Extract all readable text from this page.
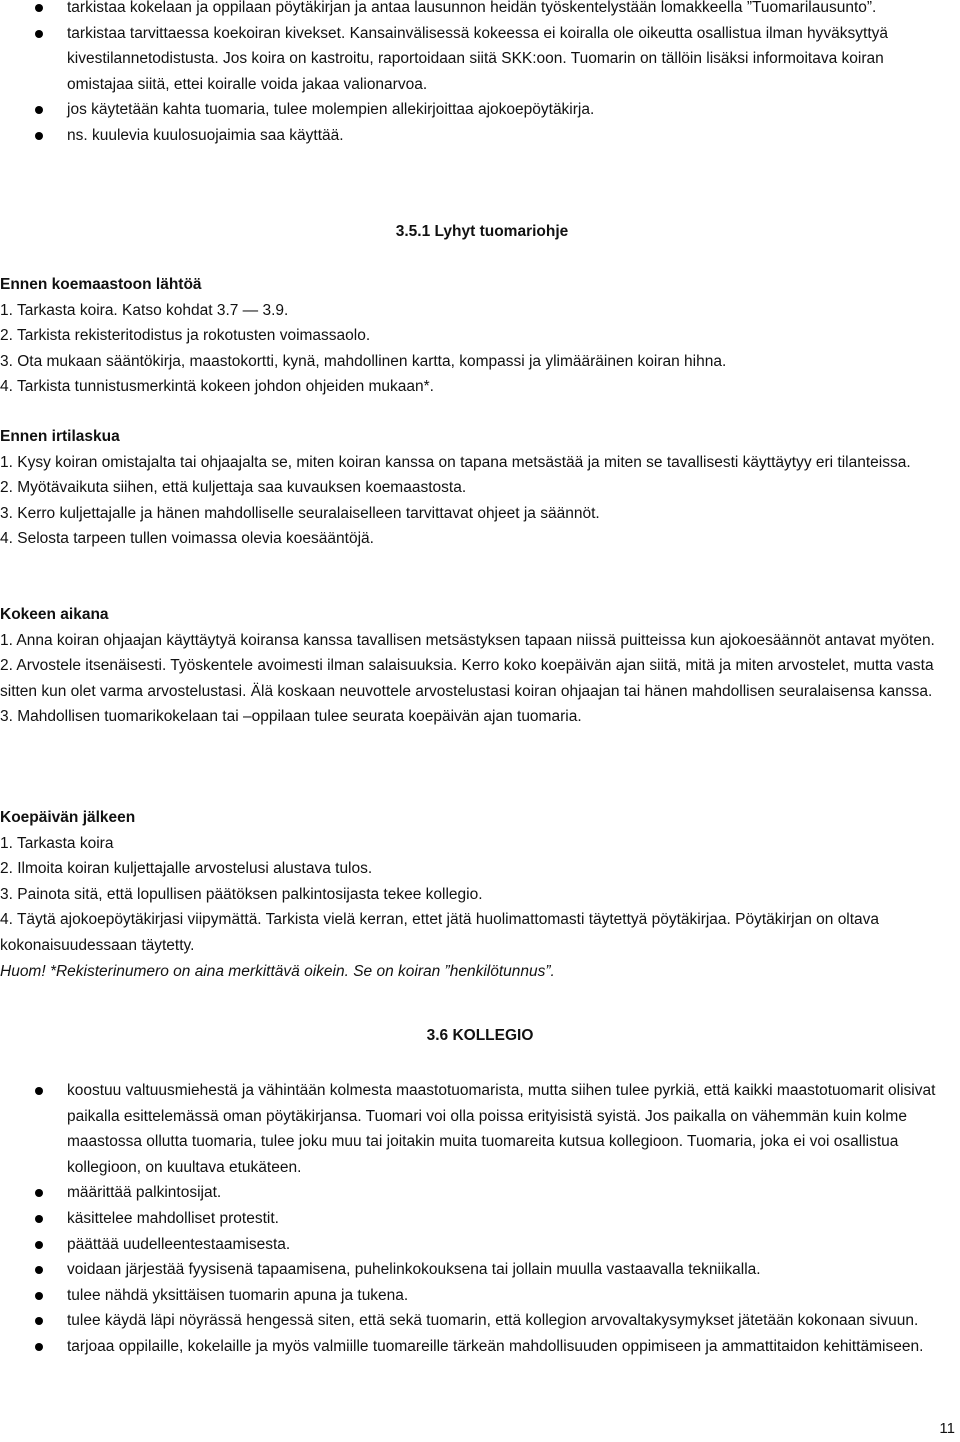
tarkistaa kokelaan ja oppilaan pöytäkirjan ja antaa lausunnon heidän työskentelystään lomakkeella ”Tuomarilausunto”.
tarkistaa tarvittaessa koekoiran kivekset. Kansainvälisessä kokeessa ei koiralla ole oikeutta osallistua ilman hyväksyttyä kivestilannetodistusta. Jos koira on kastroitu, raportoidaan siitä SKK:oon. Tuomarin on tällöin lisäksi informoitava koiran omistajaa siitä, ettei koiralle voida jakaa valionarvoa.
jos käytetään kahta tuomaria, tulee molempien allekirjoittaa ajokoepöytäkirja.
ns. kuulevia kuulosuojaimia saa käyttää.
3.5.1 Lyhyt tuomariohje

Ennen koemaastoon lähtöä

1. Tarkasta koira. Katso kohdat 3.7 — 3.9.

2. Tarkista rekisteritodistus ja rokotusten voimassaolo.

3. Ota mukaan sääntökirja, maastokortti, kynä, mahdollinen kartta, kompassi ja ylimääräinen koiran hihna.

4. Tarkista tunnistusmerkintä kokeen johdon ohjeiden mukaan*.

Ennen irtilaskua

1. Kysy koiran omistajalta tai ohjaajalta se, miten koiran kanssa on tapana metsästää ja miten se tavallisesti käyttäytyy eri tilanteissa.

2. Myötävaikuta siihen, että kuljettaja saa kuvauksen koemaastosta.

3. Kerro kuljettajalle ja hänen mahdolliselle seuralaiselleen tarvittavat ohjeet ja säännöt.

4. Selosta tarpeen tullen voimassa olevia koesääntöjä.

Kokeen aikana

1. Anna koiran ohjaajan käyttäytyä koiransa kanssa tavallisen metsästyksen tapaan niissä puitteissa kun ajokoesäännöt antavat myöten.

2. Arvostele itsenäisesti. Työskentele avoimesti ilman salaisuuksia. Kerro koko koepäivän ajan siitä, mitä ja miten arvostelet, mutta vasta sitten kun olet varma arvostelustasi. Älä koskaan neuvottele arvostelustasi koiran ohjaajan tai hänen mahdollisen seuralaisensa kanssa.

3. Mahdollisen tuomarikokelaan tai –oppilaan tulee seurata koepäivän ajan tuomaria.

Koepäivän jälkeen

1. Tarkasta koira

2. Ilmoita koiran kuljettajalle arvostelusi alustava tulos.

3. Painota sitä, että lopullisen päätöksen palkintosijasta tekee kollegio.

4. Täytä ajokoepöytäkirjasi viipymättä. Tarkista vielä kerran, ettet jätä huolimattomasti täytettyä pöytäkirjaa. Pöytäkirjan on oltava kokonaisuudessaan täytetty.

Huom! *Rekisterinumero on aina merkittävä oikein. Se on koiran ”henkilötunnus”.

3.6 KOLLEGIO
koostuu valtuusmiehestä ja vähintään kolmesta maastotuomarista, mutta siihen tulee pyrkiä, että kaikki maastotuomarit olisivat paikalla esittelemässä oman pöytäkirjansa. Tuomari voi olla poissa erityisistä syistä. Jos paikalla on vähemmän kuin kolme maastossa ollutta tuomaria, tulee joku muu tai joitakin muita tuomareita kutsua kollegioon. Tuomaria, joka ei voi osallistua kollegioon, on kuultava etukäteen.
määrittää palkintosijat.
käsittelee mahdolliset protestit.
päättää uudelleentestaamisesta.
voidaan järjestää fyysisenä tapaamisena, puhelinkokouksena tai jollain muulla vastaavalla tekniikalla.
tulee nähdä yksittäisen tuomarin apuna ja tukena.
tulee käydä läpi nöyrässä hengessä siten, että sekä tuomarin, että kollegion arvovaltakysymykset jätetään kokonaan sivuun.
tarjoaa oppilaille, kokelaille ja myös valmiille tuomareille tärkeän mahdollisuuden oppimiseen ja ammattitaidon kehittämiseen.
11
